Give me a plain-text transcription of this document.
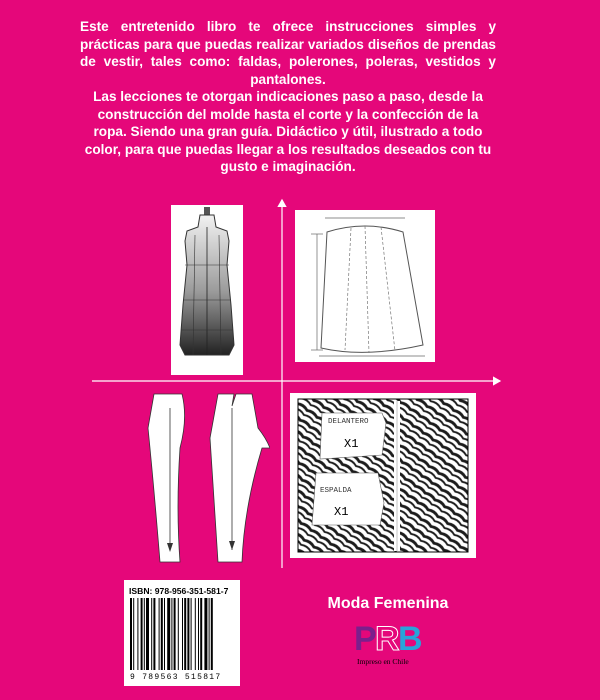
Este entretenido libro te ofrece instrucciones simples y prácticas para que puedas realizar variados diseños de prendas de vestir, tales como: faldas, polerones, poleras, vestidos y pantalones.

Las lecciones te otorgan indicaciones paso a paso, desde la construcción del molde hasta el corte y la confección de la ropa. Siendo una gran guía. Didáctico y útil, ilustrado a todo color, para que puedas llegar a los resultados deseados con tu gusto e imaginación.

DELANTERO
X1
ESPALDA
X1
ISBN: 978-956-351-581-7
9 789563 515817
Moda Femenina
P
R
B
Impreso en Chile
